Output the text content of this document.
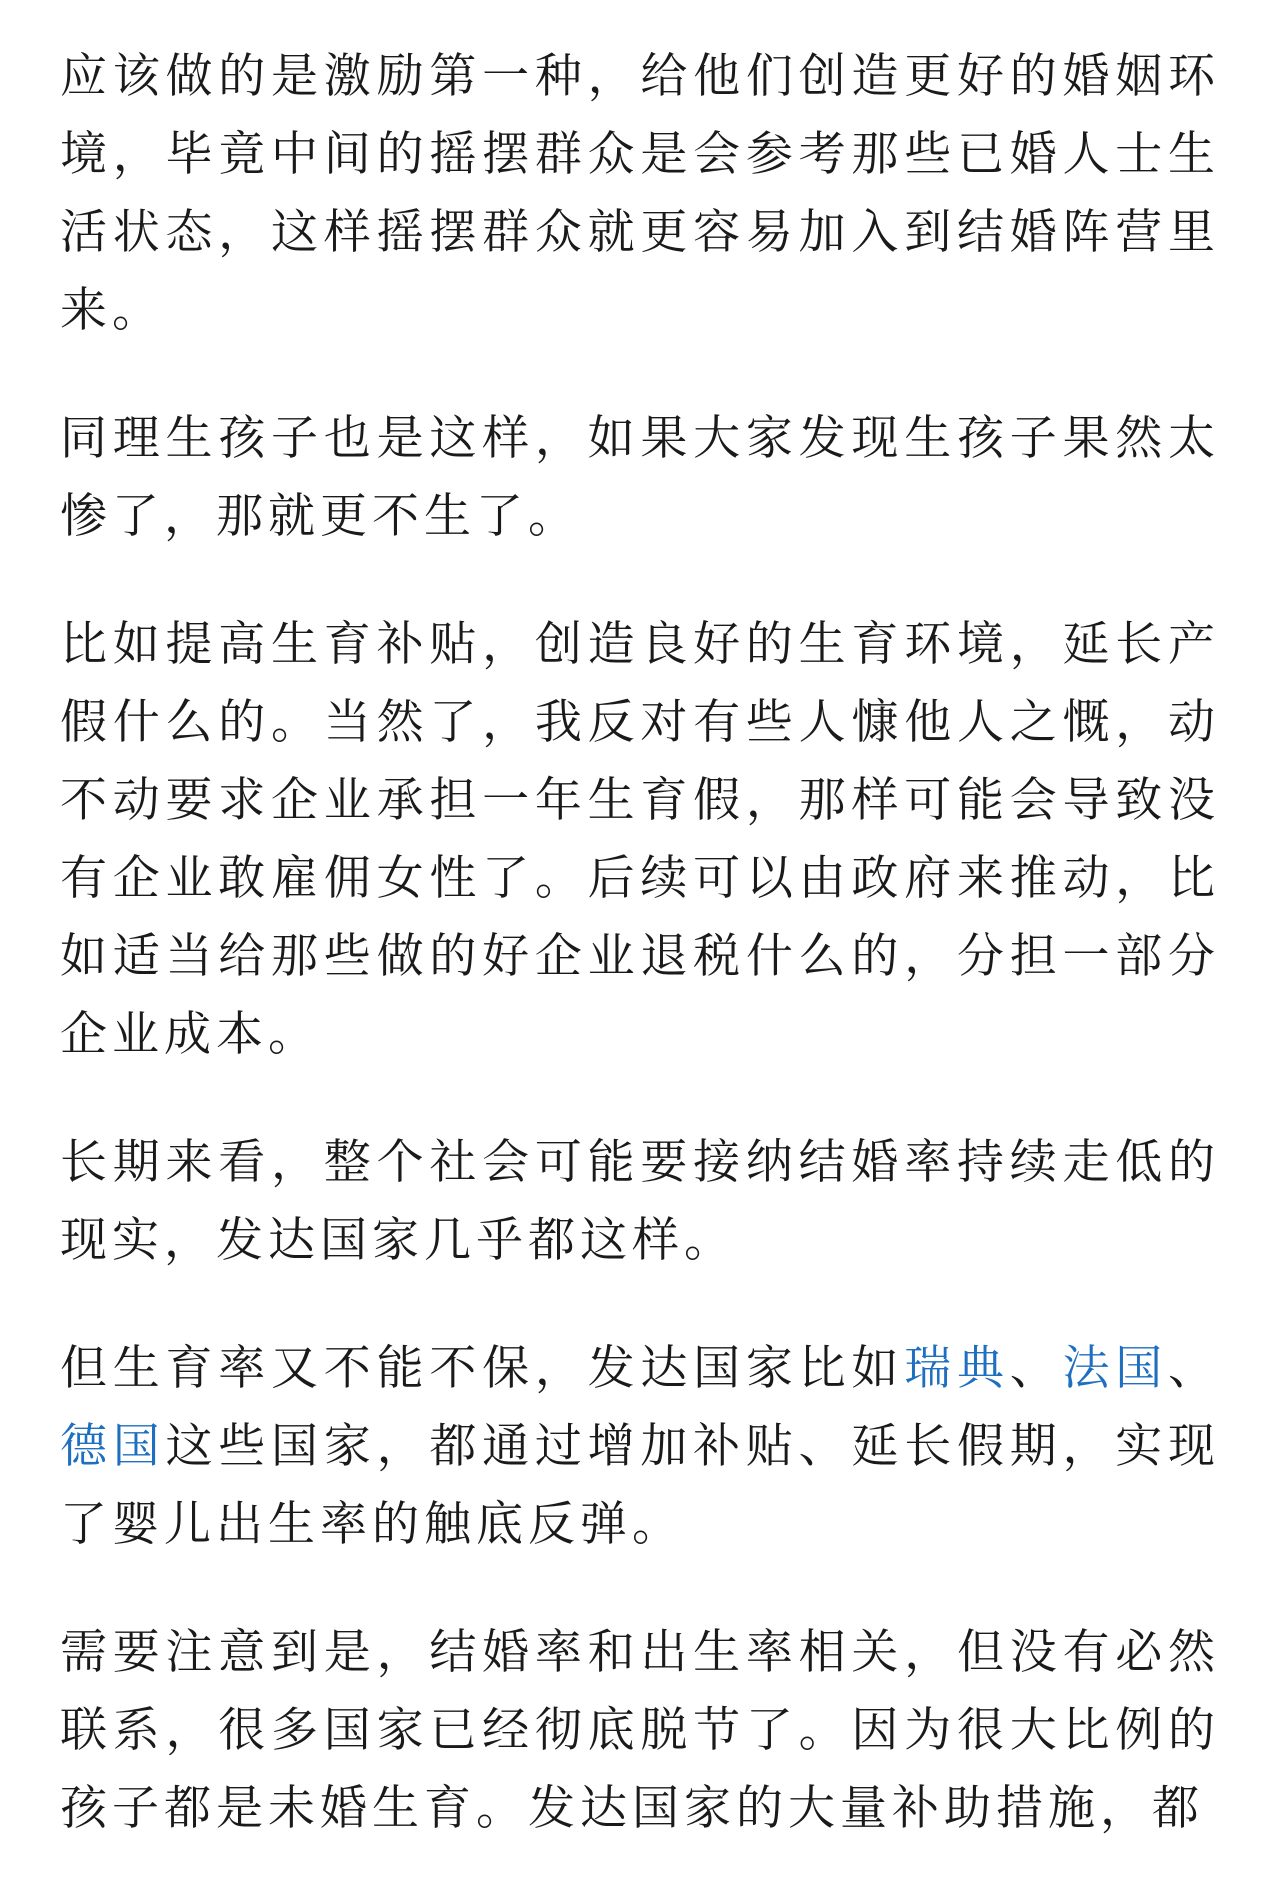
应该做的是激励第一种，给他们创造更好的婚姻环境，毕竟中间的摇摆群众是会参考那些已婚人士生活状态，这样摇摆群众就更容易加入到结婚阵营里来。

同理生孩子也是这样，如果大家发现生孩子果然太惨了，那就更不生了。

比如提高生育补贴，创造良好的生育环境，延长产假什么的。当然了，我反对有些人慷他人之慨，动不动要求企业承担一年生育假，那样可能会导致没有企业敢雇佣女性了。后续可以由政府来推动，比如适当给那些做的好企业退税什么的，分担一部分企业成本。

长期来看，整个社会可能要接纳结婚率持续走低的现实，发达国家几乎都这样。

但生育率又不能不保，发达国家比如瑞典、法国、德国这些国家，都通过增加补贴、延长假期，实现了婴儿出生率的触底反弹。

需要注意到是，结婚率和出生率相关，但没有必然联系，很多国家已经彻底脱节了。因为很大比例的孩子都是未婚生育。发达国家的大量补助措施，都
